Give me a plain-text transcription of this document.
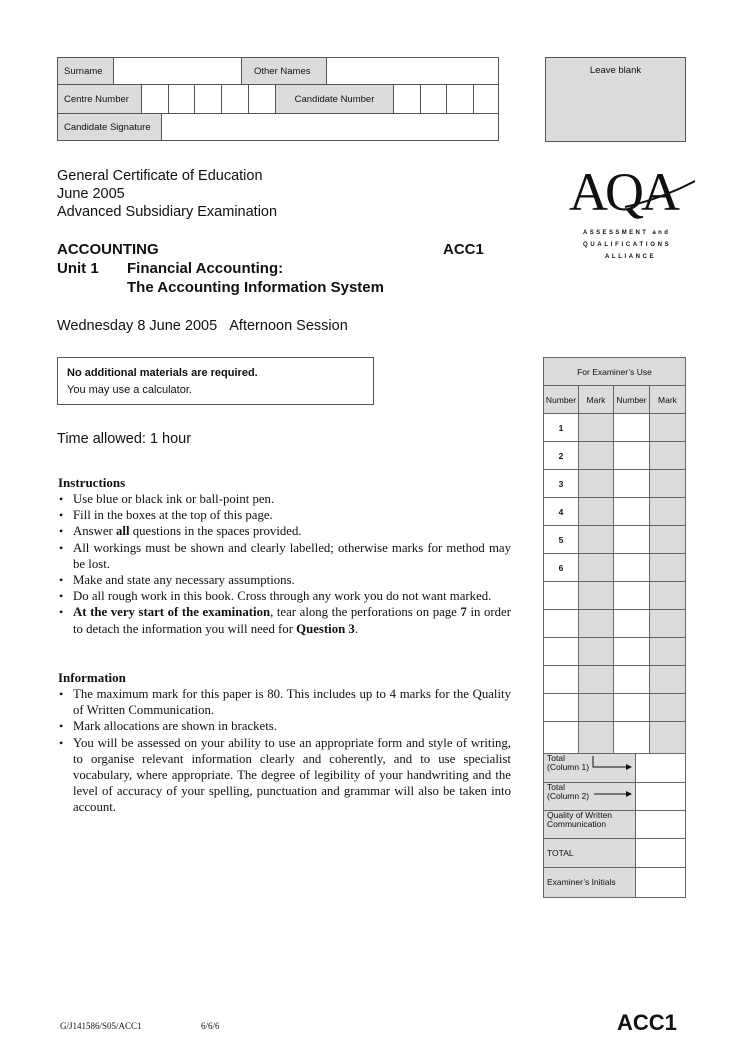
Surname	Other Names
Centre Number	Candidate Number
Candidate Signature
Leave blank
General Certificate of Education
June 2005
Advanced Subsidiary Examination
ACCOUNTING	ACC1
Unit 1 Financial Accounting:
The Accounting Information System
Wednesday 8 June 2005 Afternoon Session
AQA
ASSESSMENT and
QUALIFICATIONS
ALLIANCE
No additional materials are required.
You may use a calculator.
Time allowed: 1 hour
Instructions
• Use blue or black ink or ball-point pen.
• Fill in the boxes at the top of this page.
• Answer all questions in the spaces provided.
• All workings must be shown and clearly labelled; otherwise marks for method may be lost.
• Make and state any necessary assumptions.
• Do all rough work in this book. Cross through any work you do not want marked.
• At the very start of the examination, tear along the perforations on page 7 in order to detach the information you will need for Question 3.
Information
• The maximum mark for this paper is 80. This includes up to 4 marks for the Quality of Written Communication.
• Mark allocations are shown in brackets.
• You will be assessed on your ability to use an appropriate form and style of writing, to organise relevant information clearly and coherently, and to use specialist vocabulary, where appropriate. The degree of legibility of your handwriting and the level of accuracy of your spelling, punctuation and grammar will also be taken into account.
For Examiner’s Use
Number	Mark	Number	Mark
1
2
3
4
5
6
Total
(Column 1)
Total
(Column 2)
Quality of Written
Communication
TOTAL
Examiner’s Initials
G/J141586/S05/ACC1	6/6/6	ACC1
